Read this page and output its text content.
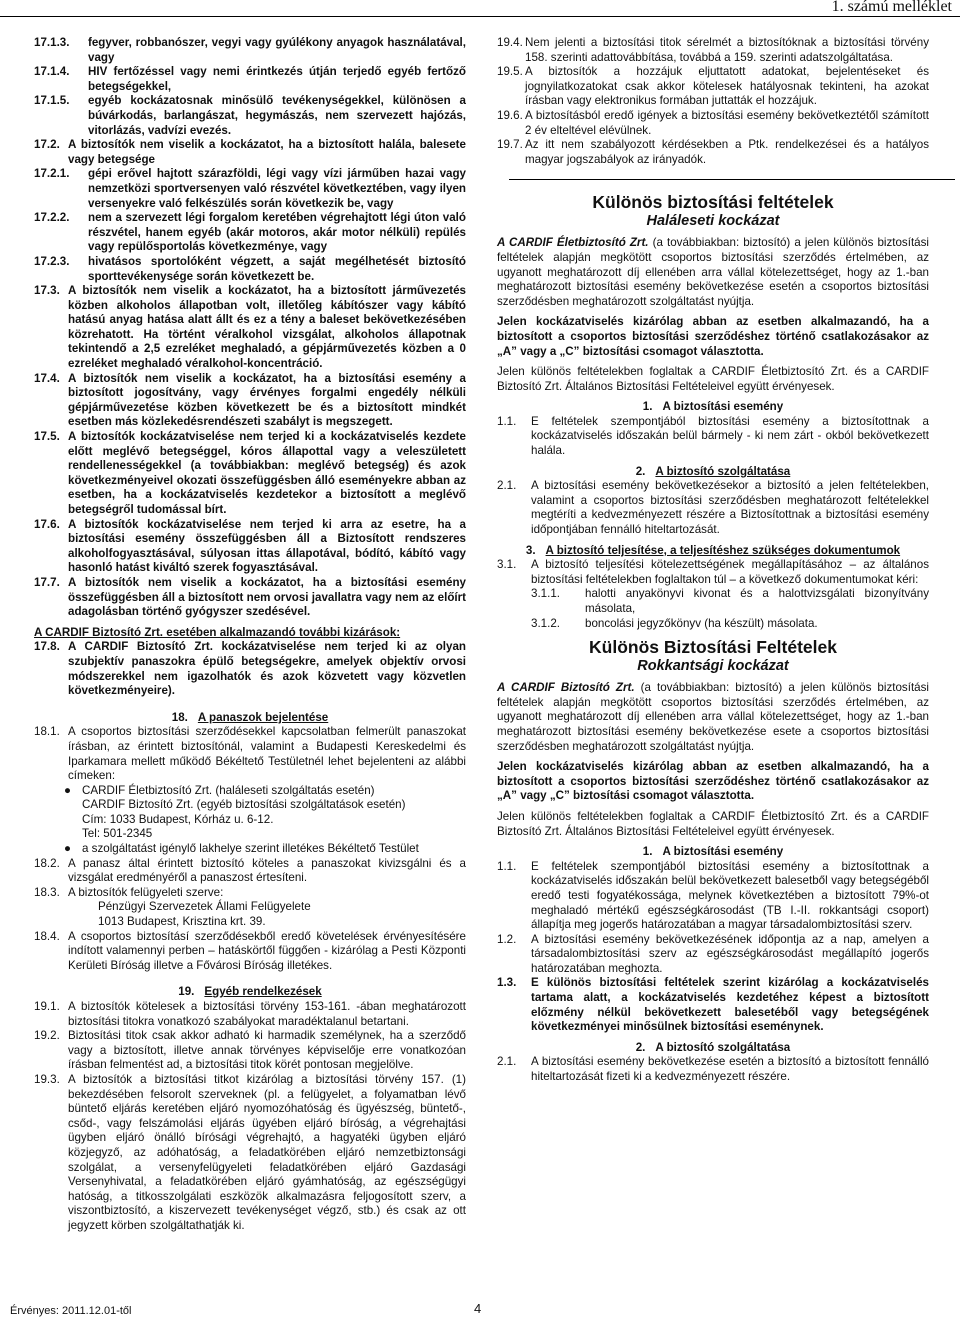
1. számú melléklet
17.1.3. fegyver, robbanószer, vegyi vagy gyúlékony anyagok használatával, vagy
17.1.4. HIV fertőzéssel vagy nemi érintkezés útján terjedő egyéb fertőző betegségekkel,
17.1.5. egyéb kockázatosnak minősülő tevékenységekkel, különösen a búvárkodás, barlangászat, hegymászás, nem szervezett hajózás, vitorlázás, vadvízi evezés.
17.2. A biztosítók nem viselik a kockázatot, ha a biztosított halála, balesete vagy betegsége
17.2.1. gépi erővel hajtott szárazföldi, légi vagy vízi járműben hazai vagy nemzetközi sportversenyen való részvétel következtében, vagy ilyen versenyekre való felkészülés során következik be, vagy
17.2.2. nem a szervezett légi forgalom keretében végrehajtott légi úton való részvétel, hanem egyéb (akár motoros, akár motor nélküli) repülés vagy repülősportolás következménye, vagy
17.2.3. hivatásos sportolóként végzett, a saját megélhetését biztosító sporttevékenysége során következett be.
17.3. A biztosítók nem viselik a kockázatot, ha a biztosított járművezetés közben alkoholos állapotban volt, illetőleg kábítószer vagy kábító hatású anyag hatása alatt állt és ez a tény a baleset bekövetkezésében közrehatott. Ha történt véralkohol vizsgálat, alkoholos állapotnak tekintendő a 2,5 ezreléket meghaladó, a gépjárművezetés közben a 0 ezreléket meghaladó véralkohol-koncentráció.
17.4. A biztosítók nem viselik a kockázatot, ha a biztosítási esemény a biztosított jogosítvány, vagy érvényes forgalmi engedély nélküli gépjárművezetése közben következett be és a biztosított mindkét esetben más közlekedésrendészeti szabályt is megszegett.
17.5. A biztosítók kockázatviselése nem terjed ki a kockázatviselés kezdete előtt meglévő betegséggel, kóros állapottal vagy a veleszületett rendellenességekkel (a továbbiakban: meglévő betegség) és azok következményeivel okozati összefüggésben álló eseményekre abban az esetben, ha a kockázatviselés kezdetekor a biztosított a meglévő betegségről tudomással bírt.
17.6. A biztosítók kockázatviselése nem terjed ki arra az esetre, ha a biztosítási esemény összefüggésben áll a Biztosított rendszeres alkoholfogyasztásával, súlyosan ittas állapotával, bódító, kábító vagy hasonló hatást kiváltó szerek fogyasztásával.
17.7. A biztosítók nem viselik a kockázatot, ha a biztosítási esemény összefüggésben áll a biztosított nem orvosi javallatra vagy nem az előírt adagolásban történő gyógyszer szedésével.
A CARDIF Biztosító Zrt. esetében alkalmazandó további kizárások:
17.8. A CARDIF Biztosító Zrt. kockázatviselése nem terjed ki az olyan szubjektív panaszokra épülő betegségekre, amelyek objektív orvosi módszerekkel nem igazolhatók és azok közvetett vagy közvetlen következményeire).
18. A panaszok bejelentése
18.1. A csoportos biztosítási szerződésekkel kapcsolatban felmerült panaszokat írásban, az érintett biztosítónál, valamint a Budapesti Kereskedelmi és Iparkamara mellett működő Békéltető Testületnél lehet bejelenteni az alábbi címeken:
● CARDIF Életbiztosító Zrt. (haláleseti szolgáltatás esetén)
CARDIF Biztosító Zrt. (egyéb biztosítási szolgáltatások esetén)
Cím: 1033 Budapest, Kórház u. 6-12.
Tel: 501-2345
● a szolgáltatást igénylő lakhelye szerint illetékes Békéltető Testület
18.2. A panasz által érintett biztosító köteles a panaszokat kivizsgálni és a vizsgálat eredményéről a panaszost értesíteni.
18.3. A biztosítók felügyeleti szerve:
Pénzügyi Szervezetek Állami Felügyelete
1013 Budapest, Krisztina krt. 39.
18.4. A csoportos biztosításí szerződésekből eredő követelések érvényesítésére indított valamennyi perben – hatáskörtől függően - kizárólag a Pesti Központi Kerületi Bíróság illetve a Fővárosi Bíróság illetékes.
19. Egyéb rendelkezések
19.1. A biztosítók kötelesek a biztosítási törvény 153-161. -ában meghatározott biztosítási titokra vonatkozó szabályokat maradéktalanul betartani.
19.2. Biztosítási titok csak akkor adható ki harmadik személynek, ha a szerződő vagy a biztosított, illetve annak törvényes képviselője erre vonatkozóan írásban felmentést ad, a biztosítási titok körét pontosan megjelölve.
19.3. A biztosítók a biztosítási titkot kizárólag a biztosítási törvény 157. (1) bekezdésében felsorolt szerveknek (pl. a felügyelet, a folyamatban lévő büntető eljárás keretében eljáró nyomozóhatóság és ügyészség, büntető-, csőd-, vagy felszámolási eljárás ügyében eljáró bíróság, a végrehajtási ügyben eljáró önálló bírósági végrehajtó, a hagyatéki ügyben eljáró közjegyző, az adóhatóság, a feladatkörében eljáró nemzetbiztonsági szolgálat, a versenyfelügyeleti feladatkörében eljáró Gazdasági Versenyhivatal, a feladatkörében eljáró gyámhatóság, az egészségügyi hatóság, a titkosszolgálati eszközök alkalmazásra feljogosított szerv, a viszontbiztosító, a kiszervezett tevékenységet végző, stb.) és csak az ott jegyzett körben szolgáltathatják ki.
19.4. Nem jelenti a biztosítási titok sérelmét a biztosítóknak a biztosítási törvény 158. szerinti adattovábbítása, továbbá a 159. szerinti adatszolgáltatása.
19.5. A biztosítók a hozzájuk eljuttatott adatokat, bejelentéseket és jognyilatkozatokat csak akkor kötelesek hatályosnak tekinteni, ha azokat írásban vagy elektronikus formában juttatták el hozzájuk.
19.6. A biztosításból eredő igények a biztosítási esemény bekövetkeztétől számított 2 év elteltével elévülnek.
19.7. Az itt nem szabályozott kérdésekben a Ptk. rendelkezései és a hatályos magyar jogszabályok az irányadók.
Különös biztosítási feltételek
Haláleseti kockázat
A CARDIF Életbiztosító Zrt. (a továbbiakban: biztosító) a jelen különös biztosítási feltételek alapján megkötött csoportos biztosítási szerződés értelmében, az ugyanott meghatározott díj ellenében arra vállal kötelezettséget, hogy az 1.-ban meghatározott biztosítási esemény bekövetkezése esetén a csoportos biztosítási szerződésben meghatározott szolgáltatást nyújtja.
Jelen kockázatviselés kizárólag abban az esetben alkalmazandó, ha a biztosított a csoportos biztosítási szerződéshez történő csatlakozásakor az „A” vagy a „C” biztosítási csomagot választotta.
Jelen különös feltételekben foglaltak a CARDIF Életbiztosító Zrt. és a CARDIF Biztosító Zrt. Általános Biztosítási Feltételeivel együtt érvényesek.
1. A biztosítási esemény
1.1. E feltételek szempontjából biztosítási esemény a biztosítottnak a kockázatviselés időszakán belül bármely - ki nem zárt - okból bekövetkezett halála.
2. A biztosító szolgáltatása
2.1. A biztosítási esemény bekövetkezésekor a biztosító a jelen feltételekben, valamint a csoportos biztosítási szerződésben meghatározott feltételekkel megtéríti a kedvezményezett részére a Biztosítottnak a biztosítási esemény időpontjában fennálló hiteltartozását.
3. A biztosító teljesítése, a teljesítéshez szükséges dokumentumok
3.1. A biztosító teljesítési kötelezettségének megállapításához – az általános biztosítási feltételekben foglaltakon túl – a következő dokumentumokat kéri:
3.1.1. halotti anyakönyvi kivonat és a halottvizsgálati bizonyítvány másolata,
3.1.2. boncolási jegyzőkönyv (ha készült) másolata.
Különös Biztosítási Feltételek
Rokkantsági kockázat
A CARDIF Biztosító Zrt. (a továbbiakban: biztosító) a jelen különös biztosítási feltételek alapján megkötött csoportos biztosítási szerződés értelmében, az ugyanott meghatározott díj ellenében arra vállal kötelezettséget, hogy az 1.-ban meghatározott biztosítási esemény bekövetkezése esete a csoportos biztosítási szerződésben meghatározott szolgáltatást nyújtja.
Jelen kockázatviselés kizárólag abban az esetben alkalmazandó, ha a biztosított a csoportos biztosítási szerződéshez történő csatlakozásakor az „A” vagy „C” biztosítási csomagot választotta.
Jelen különös feltételekben foglaltak a CARDIF Életbiztosító Zrt. és a CARDIF Biztosító Zrt. Általános Biztosítási Feltételeivel együtt érvényesek.
1. A biztosítási esemény
1.1. E feltételek szempontjából biztosítási esemény a biztosítottnak a kockázatviselés időszakán belül bekövetkezett balesetből vagy betegségéből eredő testi fogyatékossága, melynek következtében a biztosított 79%-ot meghaladó mértékű egészségkárosodást (TB I.-II. rokkantsági csoport) állapítja meg jogerős határozatában a magyar társadalombiztosítási szerv.
1.2. A biztosítási esemény bekövetkezésének időpontja az a nap, amelyen a társadalombiztosítási szerv az egészségkárosodást megállapító jogerős határozatában meghozta.
1.3. E különös biztosítási feltételek szerint kizárólag a kockázatviselés tartama alatt, a kockázatviselés kezdetéhez képest a biztosított előzmény nélkül bekövetkezett balesetéből vagy betegségének következményei minősülnek biztosítási eseménynek.
2. A biztosító szolgáltatása
2.1. A biztosítási esemény bekövetkezése esetén a biztosító a biztosított fennálló hiteltartozását fizeti ki a kedvezményezett részére.
Érvényes: 2011.12.01-től	4
